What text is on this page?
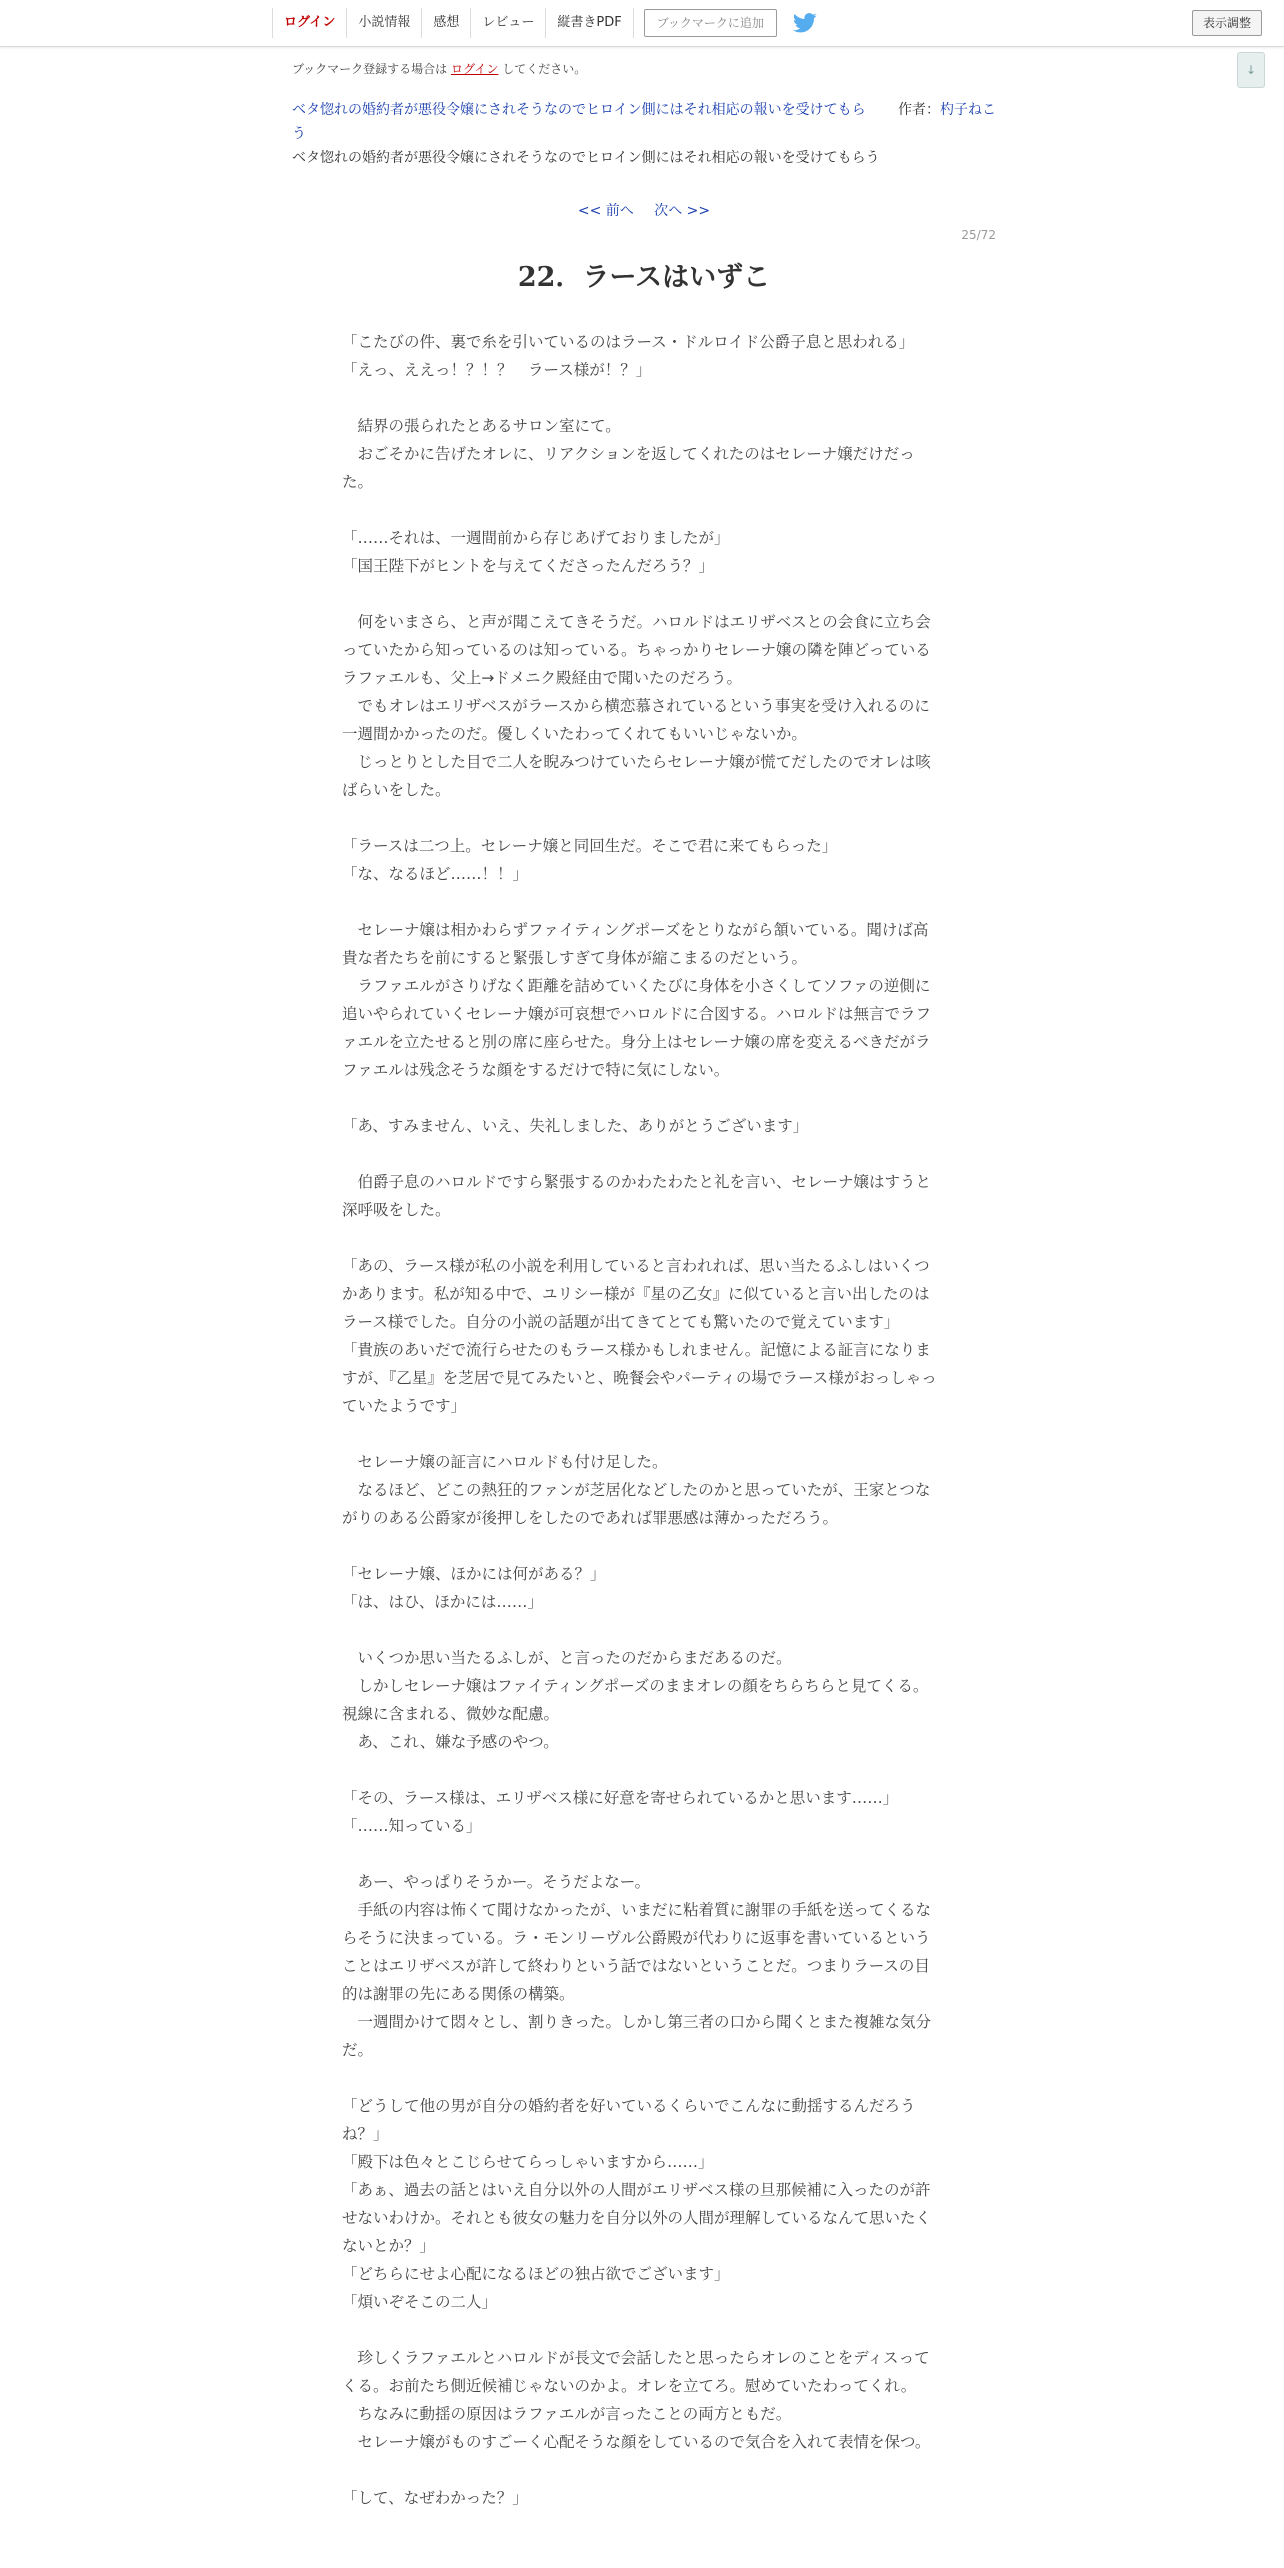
ログイン	小説情報	感想	レビュー	縦書きPDF	ブックマークに追加	表示調整
↓
ブックマーク登録する場合は ログイン してください。
ベタ惚れの婚約者が悪役令嬢にされそうなのでヒロイン側にはそれ相応の報いを受けてもらう
作者：杓子ねこ
ベタ惚れの婚約者が悪役令嬢にされそうなのでヒロイン側にはそれ相応の報いを受けてもらう
<< 前へ 次へ >>
25/72
22．ラースはいずこ

「こたびの件、裏で糸を引いているのはラース・ドルロイド公爵子息と思われる」

「えっ、ええっ！？！？　ラース様が！？」

　結界の張られたとあるサロン室にて。

　おごそかに告げたオレに、リアクションを返してくれたのはセレーナ嬢だけだった。

「……それは、一週間前から存じあげておりましたが」

「国王陛下がヒントを与えてくださったんだろう？」

　何をいまさら、と声が聞こえてきそうだ。ハロルドはエリザベスとの会食に立ち会っていたから知っているのは知っている。ちゃっかりセレーナ嬢の隣を陣どっているラファエルも、父上→ドメニク殿経由で聞いたのだろう。

　でもオレはエリザベスがラースから横恋慕されているという事実を受け入れるのに一週間かかったのだ。優しくいたわってくれてもいいじゃないか。

　じっとりとした目で二人を睨みつけていたらセレーナ嬢が慌てだしたのでオレは咳ばらいをした。

「ラースは二つ上。セレーナ嬢と同回生だ。そこで君に来てもらった」

「な、なるほど……！！」

　セレーナ嬢は相かわらずファイティングポーズをとりながら頷いている。聞けば高貴な者たちを前にすると緊張しすぎて身体が縮こまるのだという。

　ラファエルがさりげなく距離を詰めていくたびに身体を小さくしてソファの逆側に追いやられていくセレーナ嬢が可哀想でハロルドに合図する。ハロルドは無言でラファエルを立たせると別の席に座らせた。身分上はセレーナ嬢の席を変えるべきだがラファエルは残念そうな顔をするだけで特に気にしない。

「あ、すみません、いえ、失礼しました、ありがとうございます」

　伯爵子息のハロルドですら緊張するのかわたわたと礼を言い、セレーナ嬢はすうと深呼吸をした。

「あの、ラース様が私の小説を利用していると言われれば、思い当たるふしはいくつかあります。私が知る中で、ユリシー様が『星の乙女』に似ていると言い出したのはラース様でした。自分の小説の話題が出てきてとても驚いたので覚えています」

「貴族のあいだで流行らせたのもラース様かもしれません。記憶による証言になりますが、『乙星』を芝居で見てみたいと、晩餐会やパーティの場でラース様がおっしゃっていたようです」

　セレーナ嬢の証言にハロルドも付け足した。

　なるほど、どこの熱狂的ファンが芝居化などしたのかと思っていたが、王家とつながりのある公爵家が後押しをしたのであれば罪悪感は薄かっただろう。

「セレーナ嬢、ほかには何がある？」

「は、はひ、ほかには……」

　いくつか思い当たるふしが、と言ったのだからまだあるのだ。

　しかしセレーナ嬢はファイティングポーズのままオレの顔をちらちらと見てくる。視線に含まれる、微妙な配慮。

　あ、これ、嫌な予感のやつ。

「その、ラース様は、エリザベス様に好意を寄せられているかと思います……」

「……知っている」

　あー、やっぱりそうかー。そうだよなー。

　手紙の内容は怖くて聞けなかったが、いまだに粘着質に謝罪の手紙を送ってくるならそうに決まっている。ラ・モンリーヴル公爵殿が代わりに返事を書いているということはエリザベスが許して終わりという話ではないということだ。つまりラースの目的は謝罪の先にある関係の構築。

　一週間かけて悶々とし、割りきった。しかし第三者の口から聞くとまた複雑な気分だ。

「どうして他の男が自分の婚約者を好いているくらいでこんなに動揺するんだろうね？」

「殿下は色々とこじらせてらっしゃいますから……」

「あぁ、過去の話とはいえ自分以外の人間がエリザベス様の旦那候補に入ったのが許せないわけか。それとも彼女の魅力を自分以外の人間が理解しているなんて思いたくないとか？」

「どちらにせよ心配になるほどの独占欲でございます」

「煩いぞそこの二人」

　珍しくラファエルとハロルドが長文で会話したと思ったらオレのことをディスってくる。お前たち側近候補じゃないのかよ。オレを立てろ。慰めていたわってくれ。

　ちなみに動揺の原因はラファエルが言ったことの両方ともだ。

　セレーナ嬢がものすごーく心配そうな顔をしているので気合を入れて表情を保つ。

「して、なぜわかった？」
